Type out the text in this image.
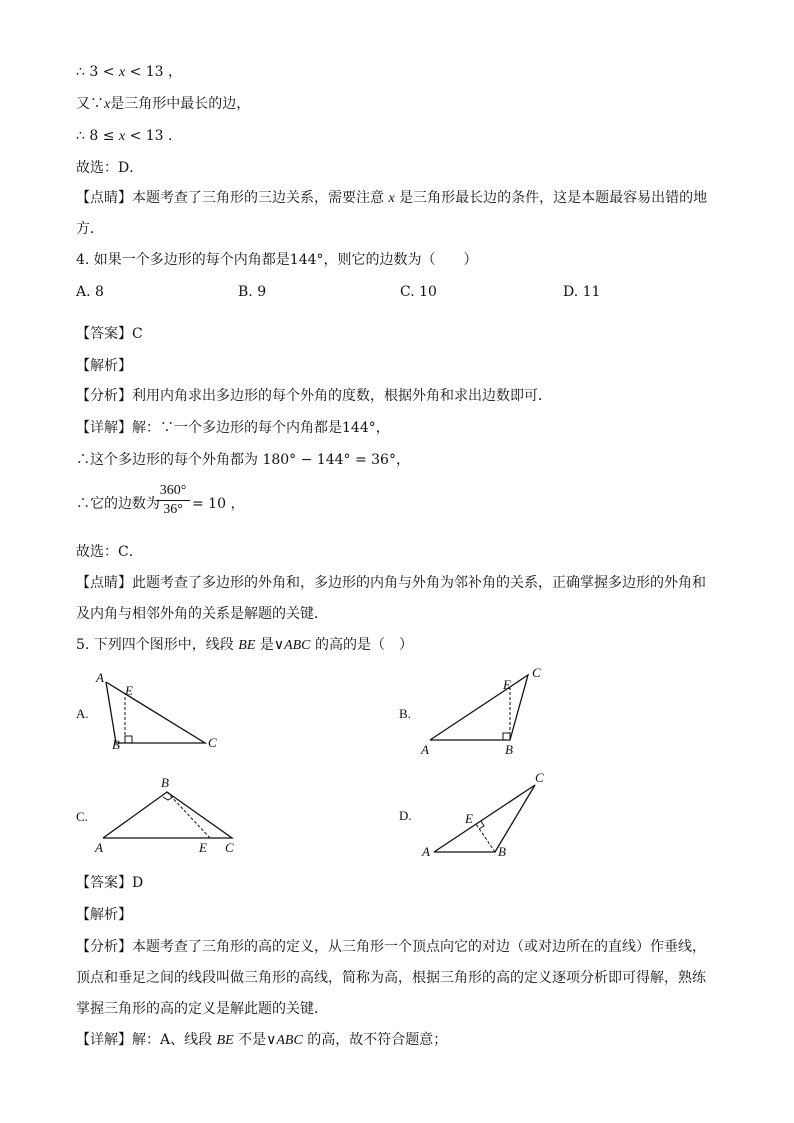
∴ 3 < x < 13 ，
又∵x是三角形中最长的边，
∴ 8 ≤ x < 13 .
故选：D．
【点睛】本题考查了三角形的三边关系，需要注意 x 是三角形最长边的条件，这是本题最容易出错的地
方．
4. 如果一个多边形的每个内角都是144°，则它的边数为（　　）
A. 8	B. 9	C. 10	D. 11
【答案】C
【解析】
【分析】利用内角求出多边形的每个外角的度数，根据外角和求出边数即可．
【详解】解：∵一个多边形的每个内角都是144°，
∴这个多边形的每个外角都为 180° − 144° = 36°，
∴它的边数为
360°
36° = 10 ，
故选：C．
【点睛】此题考查了多边形的外角和，多边形的内角与外角为邻补角的关系，正确掌握多边形的外角和
及内角与相邻外角的关系是解题的关键．
5. 下列四个图形中，线段 BE 是∨ABC 的高的是（　）
A.
A
E
B	C
B.
C
E
A	B
C.
B
A	E C
D.
C
E
A	B
【答案】D
【解析】
【分析】本题考查了三角形的高的定义，从三角形一个顶点向它的对边（或对边所在的直线）作垂线，
顶点和垂足之间的线段叫做三角形的高线，简称为高，根据三角形的高的定义逐项分析即可得解，熟练
掌握三角形的高的定义是解此题的关键．
【详解】解：A、线段 BE 不是∨ABC 的高，故不符合题意；
